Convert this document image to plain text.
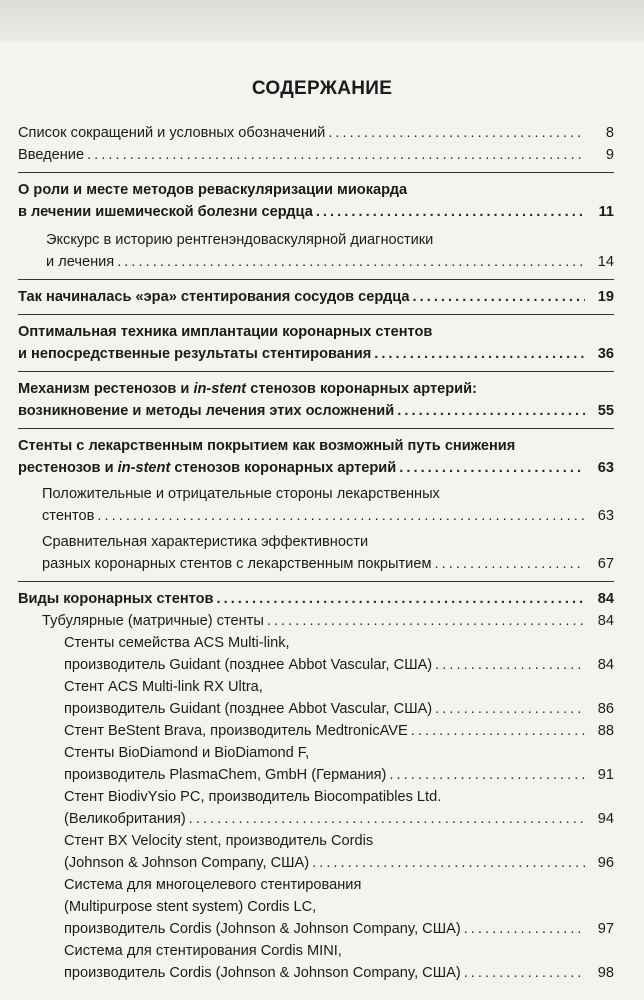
СОДЕРЖАНИЕ
Список сокращений и условных обозначений . . .	8
Введение . . .	9
О роли и месте методов реваскуляризации миокарда
в лечении ишемической болезни сердца . . .	11
Экскурс в историю рентгенэндоваскулярной диагностики
и лечения . . .	14
Так начиналась «эра» стентирования сосудов сердца . . .	19
Оптимальная техника имплантации коронарных стентов
и непосредственные результаты стентирования . . .	36
Механизм рестенозов и in-stent стенозов коронарных артерий:
возникновение и методы лечения этих осложнений . . .	55
Стенты с лекарственным покрытием как возможный путь снижения
рестенозов и in-stent стенозов коронарных артерий . . .	63
Положительные и отрицательные стороны лекарственных
стентов . . .	63
Сравнительная характеристика эффективности
разных коронарных стентов с лекарственным покрытием . . .	67
Виды коронарных стентов . . .	84
Тубулярные (матричные) стенты . . .	84
Стенты семейства ACS Multi-link,
производитель Guidant (позднее Abbot Vascular, США) . . .	84
Стент ACS Multi-link RX Ultra,
производитель Guidant (позднее Abbot Vascular, США) . . .	86
Стент BeStent Brava, производитель MedtronicAVE . . .	88
Стенты BioDiamond и BioDiamond F,
производитель PlasmaChem, GmbH (Германия) . . .	91
Стент BiodivYsio PC, производитель Biocompatibles Ltd.
(Великобритания) . . .	94
Стент BX Velocity stent, производитель Cordis
(Johnson & Johnson Company, США) . . .	96
Система для многоцелевого стентирования
(Multipurpose stent system) Cordis LC,
производитель Cordis (Johnson & Johnson Company, США) . . .	97
Система для стентирования Cordis MINI,
производитель Cordis (Johnson & Johnson Company, США) . . .	98
